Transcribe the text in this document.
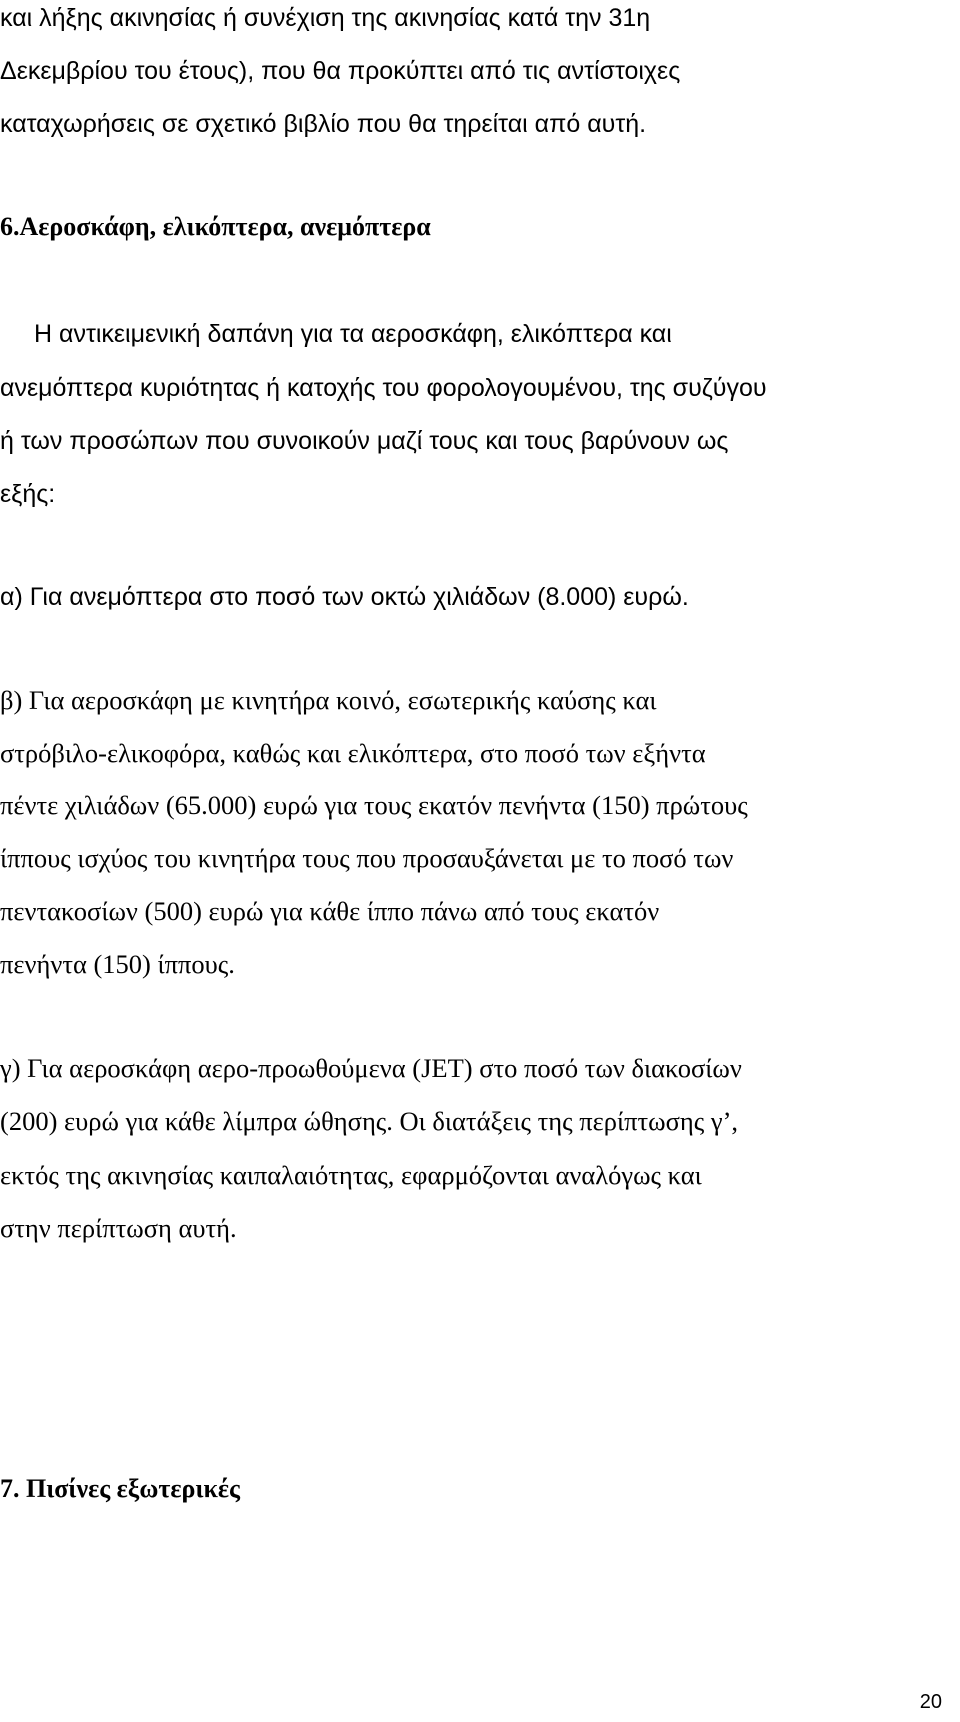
και λήξης ακινησίας ή συνέχιση της ακινησίας κατά την 31η
Δεκεμβρίου του έτους), που θα προκύπτει από τις αντίστοιχες
καταχωρήσεις σε σχετικό βιβλίο που θα τηρείται από αυτή.
6.Αεροσκάφη, ελικόπτερα, ανεμόπτερα
Η αντικειμενική δαπάνη για τα αεροσκάφη, ελικόπτερα και
ανεμόπτερα κυριότητας ή κατοχής του φορολογουμένου, της συζύγου
ή των προσώπων που συνοικούν μαζί τους και τους βαρύνουν ως
εξής:
α) Για ανεμόπτερα στο ποσό των οκτώ χιλιάδων (8.000) ευρώ.
β) Για αεροσκάφη με κινητήρα κοινό, εσωτερικής καύσης και
στρόβιλο-ελικοφόρα, καθώς και ελικόπτερα, στο ποσό των εξήντα
πέντε χιλιάδων (65.000) ευρώ για τους εκατόν πενήντα (150) πρώτους
ίππους ισχύος του κινητήρα τους που προσαυξάνεται με το ποσό των
πεντακοσίων (500) ευρώ για κάθε ίππο πάνω από τους εκατόν
πενήντα (150) ίππους.
γ) Για αεροσκάφη αερο-προωθούμενα (JET) στο ποσό των διακοσίων
(200) ευρώ για κάθε λίμπρα ώθησης. Οι διατάξεις της περίπτωσης γ’,
εκτός της ακινησίας καιπαλαιότητας, εφαρμόζονται αναλόγως και
στην περίπτωση αυτή.
7. Πισίνες εξωτερικές
20
